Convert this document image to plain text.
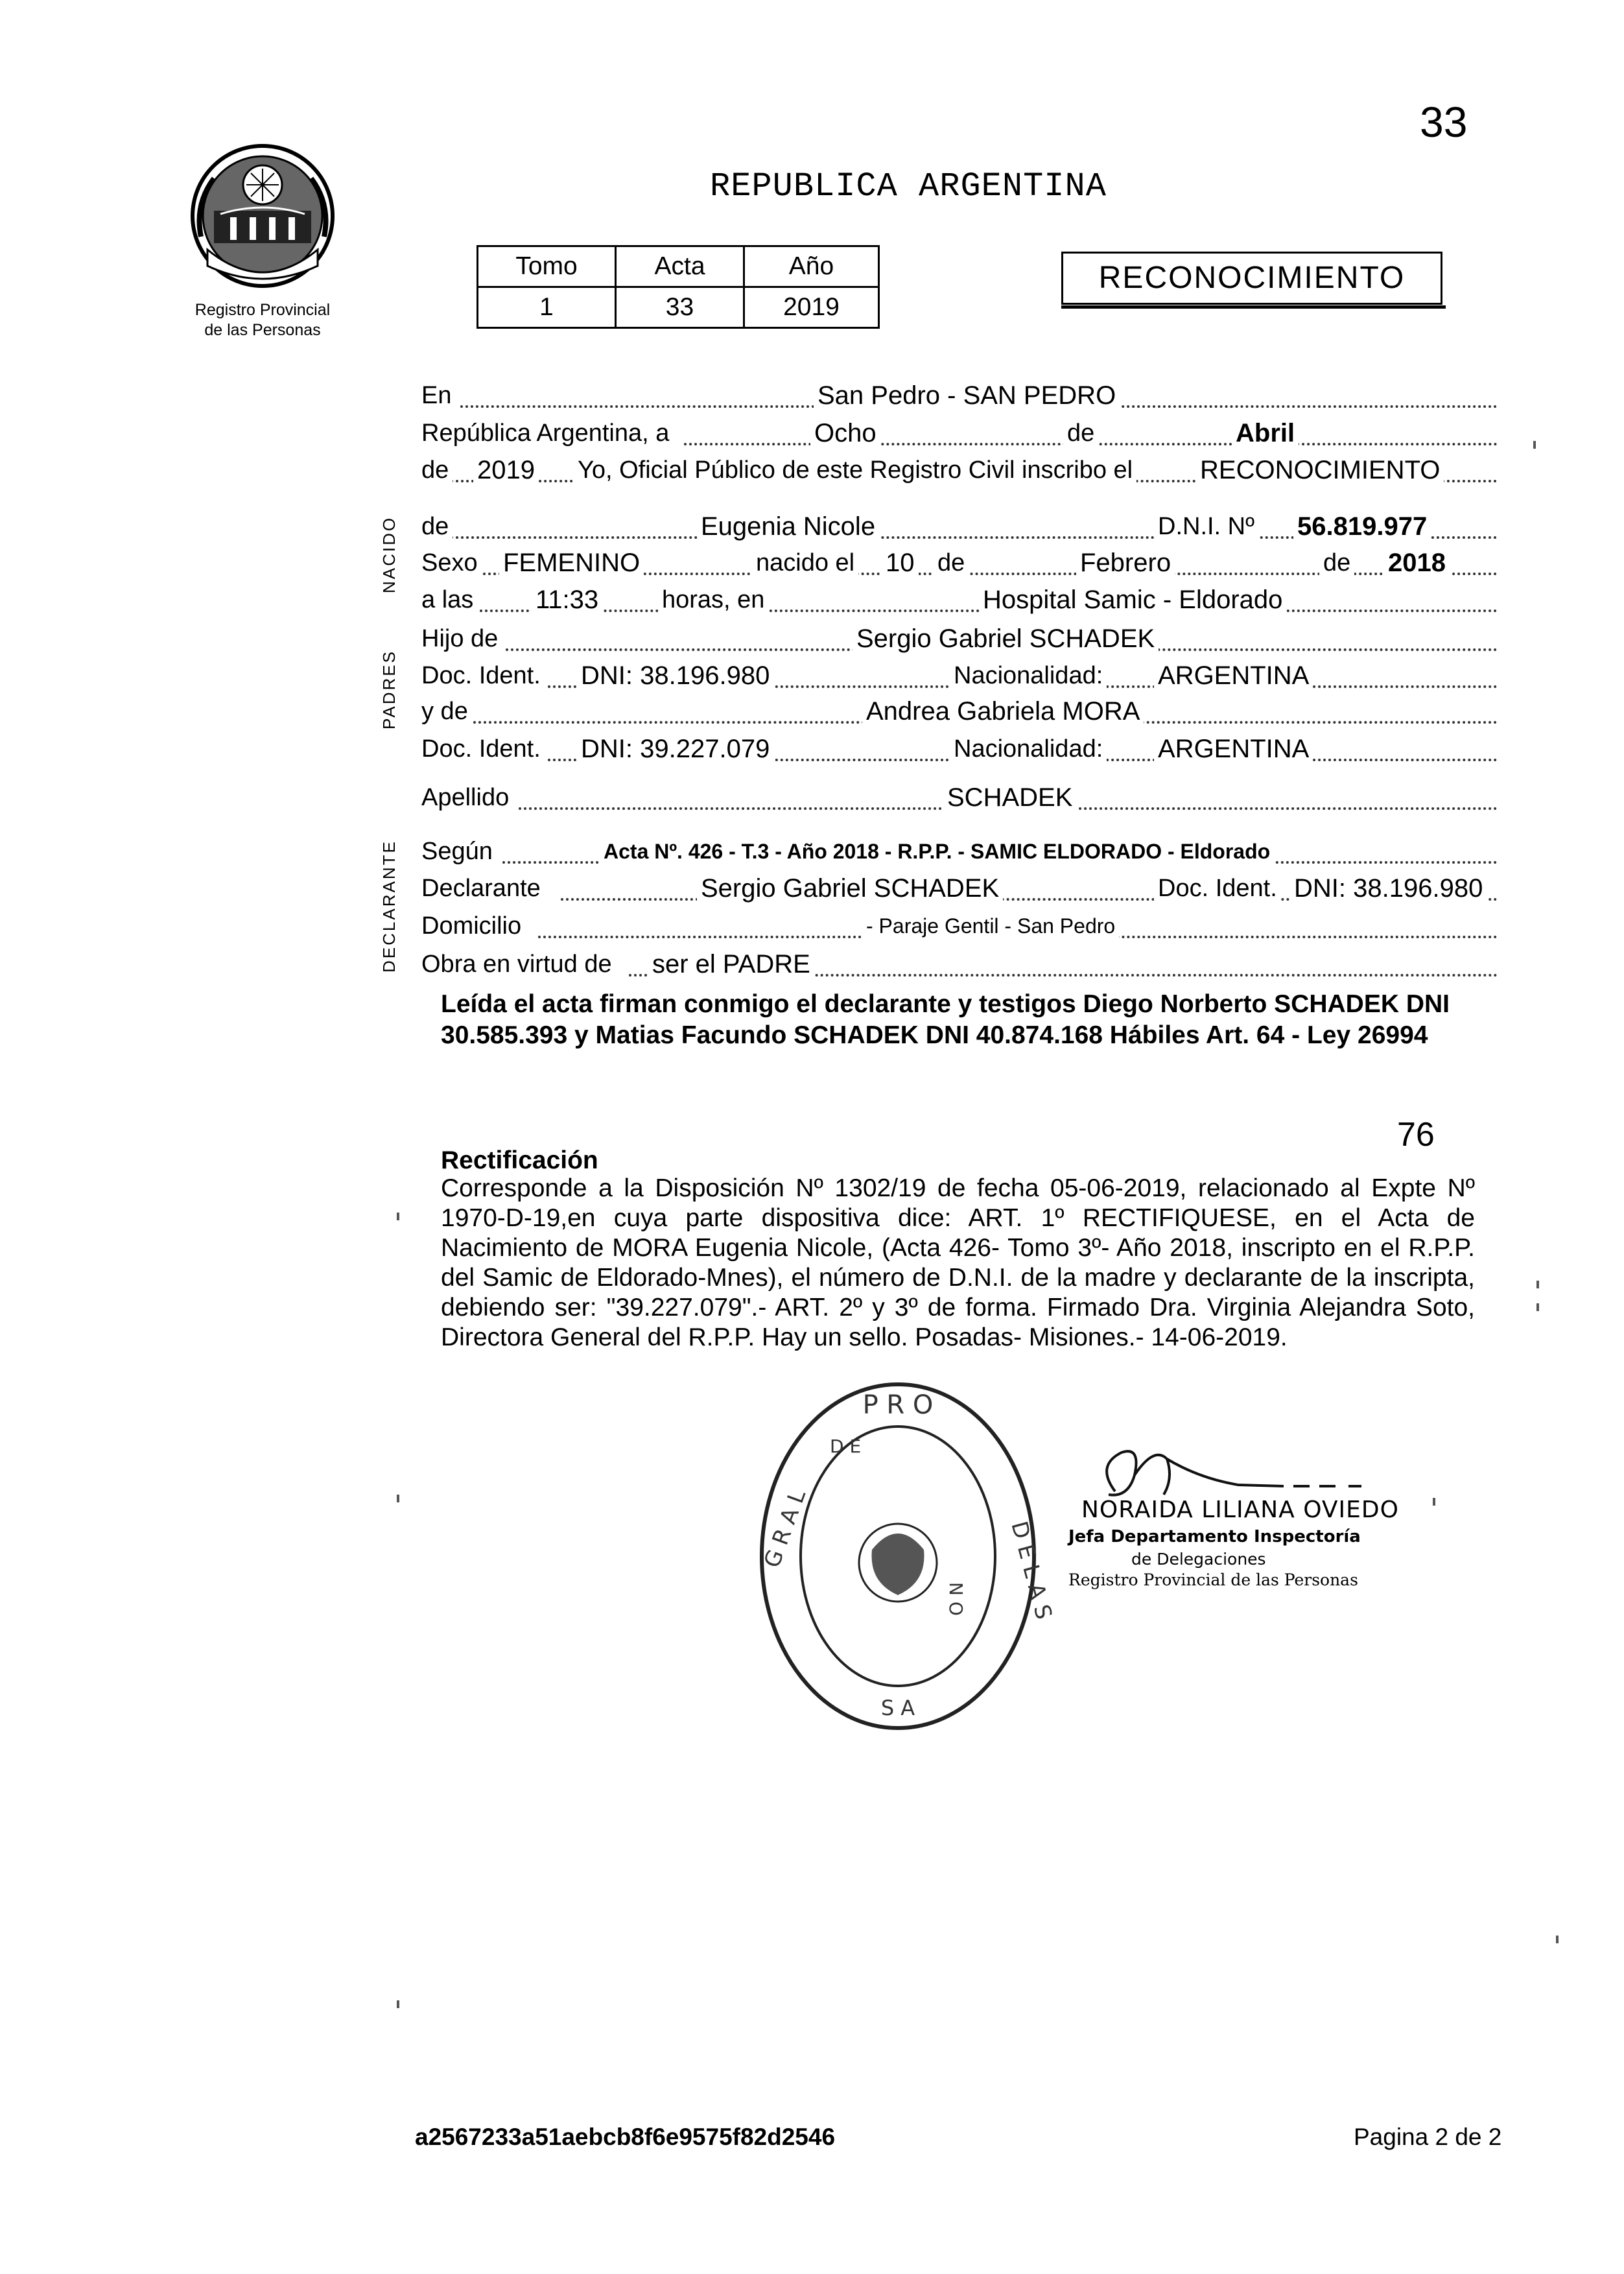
33
Registro Provincial
de las Personas
REPUBLICA ARGENTINA
Tomo	Acta	Año
1	33	2019
RECONOCIMIENTO
NACIDO
PADRES
DECLARANTE
En	San Pedro - SAN PEDRO
República Argentina, a	Ocho	de	Abril
de 2019 Yo, Oficial Público de este Registro Civil inscribo el	RECONOCIMIENTO
de	Eugenia Nicole	D.N.I. Nº 56.819.977
Sexo FEMENINO	nacido el 10 de	Febrero	de 2018
a las 11:33	horas, en	Hospital Samic - Eldorado
Hijo de	Sergio Gabriel SCHADEK
Doc. Ident. DNI: 38.196.980	Nacionalidad: ARGENTINA
y de	Andrea Gabriela MORA
Doc. Ident. DNI: 39.227.079	Nacionalidad: ARGENTINA
Apellido	SCHADEK
Según	Acta Nº. 426 - T.3 - Año 2018 - R.P.P. - SAMIC ELDORADO - Eldorado
Declarante	Sergio Gabriel SCHADEK	Doc. Ident. DNI: 38.196.980
Domicilio	- Paraje Gentil - San Pedro
Obra en virtud de ser el PADRE
Leída el acta firman conmigo el declarante y testigos Diego Norberto SCHADEK DNI 30.585.393 y Matias Facundo SCHADEK DNI 40.874.168 Hábiles Art. 64 - Ley 26994
76
Rectificación
Corresponde a la Disposición Nº 1302/19 de fecha 05-06-2019, relacionado al Expte Nº 1970-D-19,en cuya parte dispositiva dice: ART. 1º RECTIFIQUESE, en el Acta de Nacimiento de MORA Eugenia Nicole, (Acta 426- Tomo 3º- Año 2018, inscripto en el R.P.P. del Samic de Eldorado-Mnes), el número de D.N.I. de la madre y declarante de la inscripta, debiendo ser: "39.227.079".- ART. 2º y 3º de forma. Firmado Dra. Virginia Alejandra Soto, Directora General del R.P.P. Hay un sello. Posadas- Misiones.- 14-06-2019.
P R O
S A
G R A L	D E L A S
D E
N O
NORAIDA LILIANA OVIEDO
Jefa Departamento Inspectoría
de Delegaciones
Registro Provincial de las Personas
a2567233a51aebcb8f6e9575f82d2546	Pagina 2 de 2
